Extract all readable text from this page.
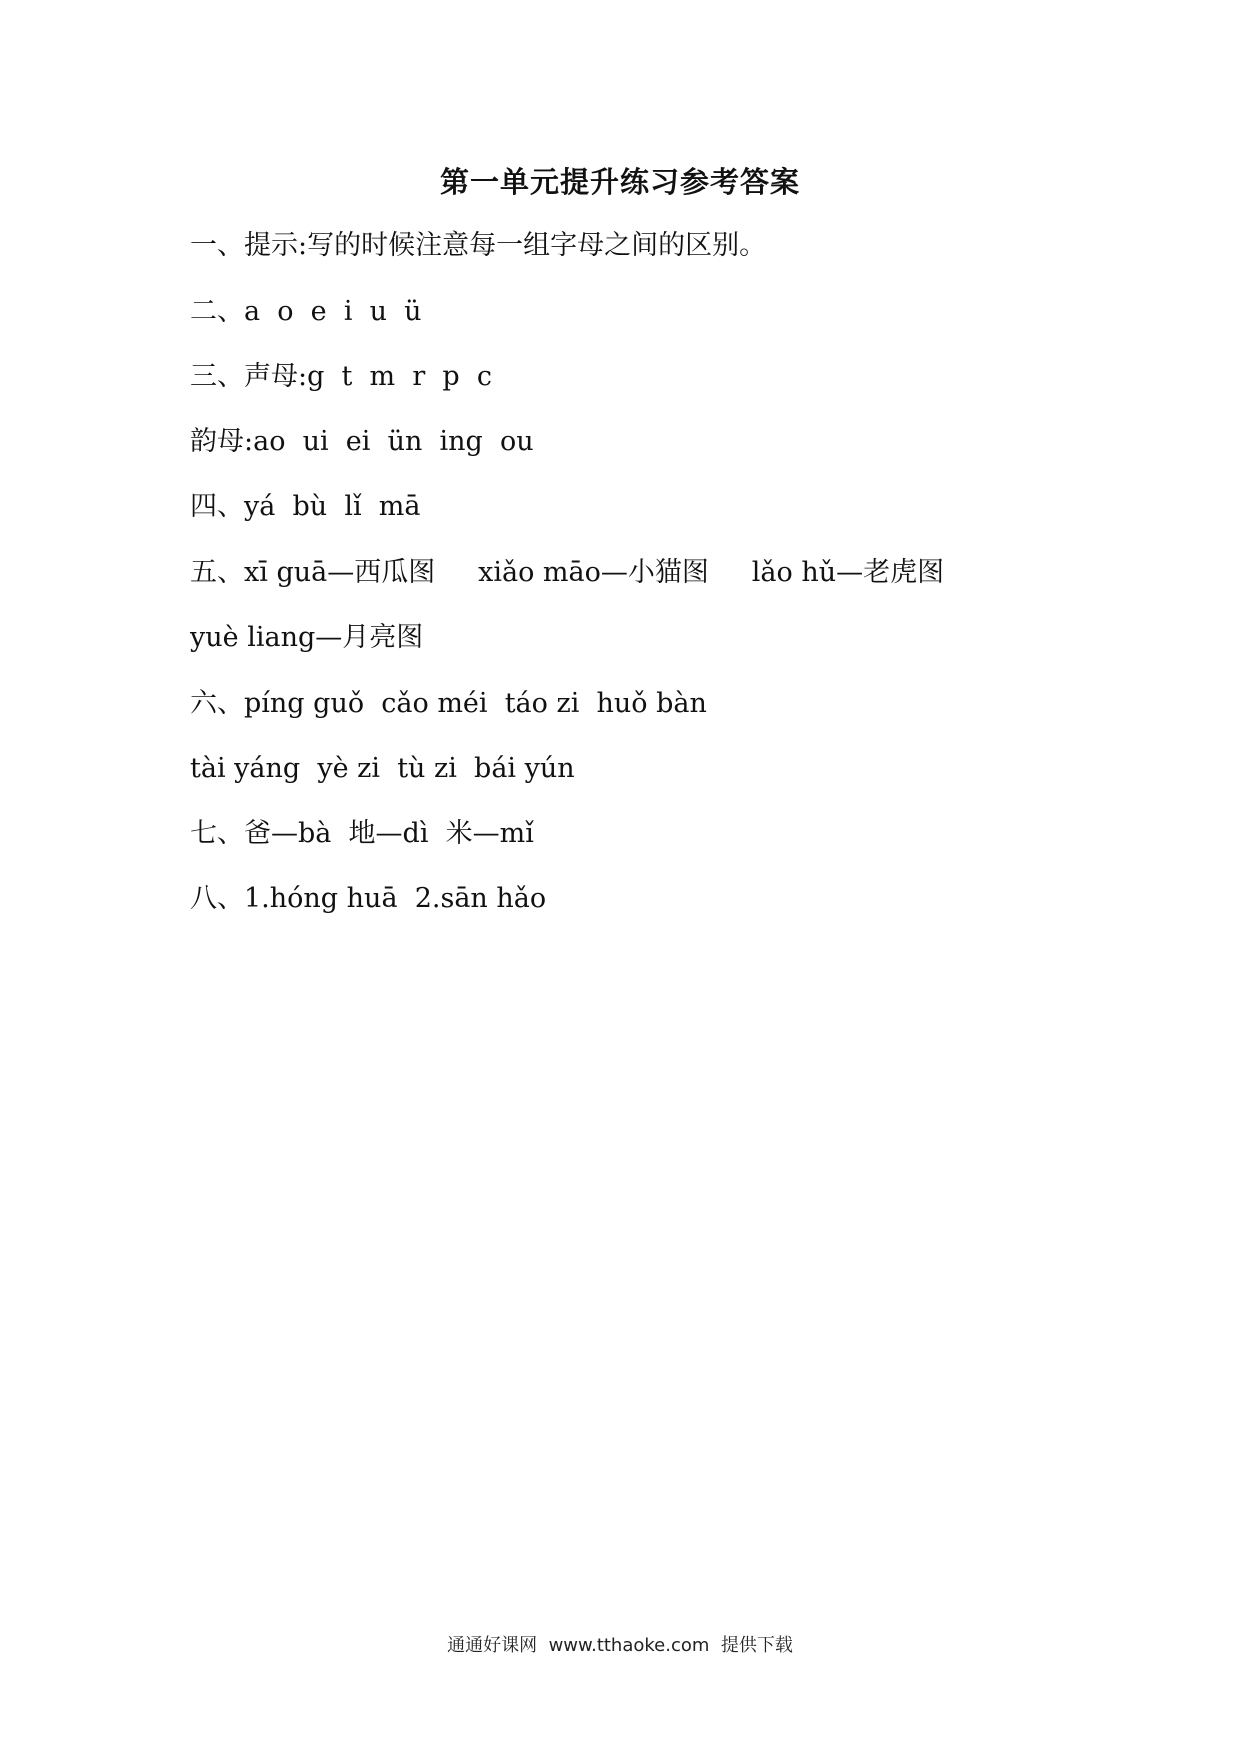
第一单元提升练习参考答案
一、提示:写的时候注意每一组字母之间的区别。
二、a  o  e  i  u  ü
三、声母:g  t  m  r  p  c
韵母:ao  ui  ei  ün  ing  ou
四、yá  bù  lǐ  mā
五、xī guā—西瓜图     xiǎo māo—小猫图     lǎo hǔ—老虎图
yuè liang—月亮图
六、píng guǒ  cǎo méi  táo zi  huǒ bàn
tài yáng  yè zi  tù zi  bái yún
七、爸—bà  地—dì  米—mǐ
八、1.hóng huā  2.sān hǎo
通通好课网  www.tthaoke.com  提供下载
